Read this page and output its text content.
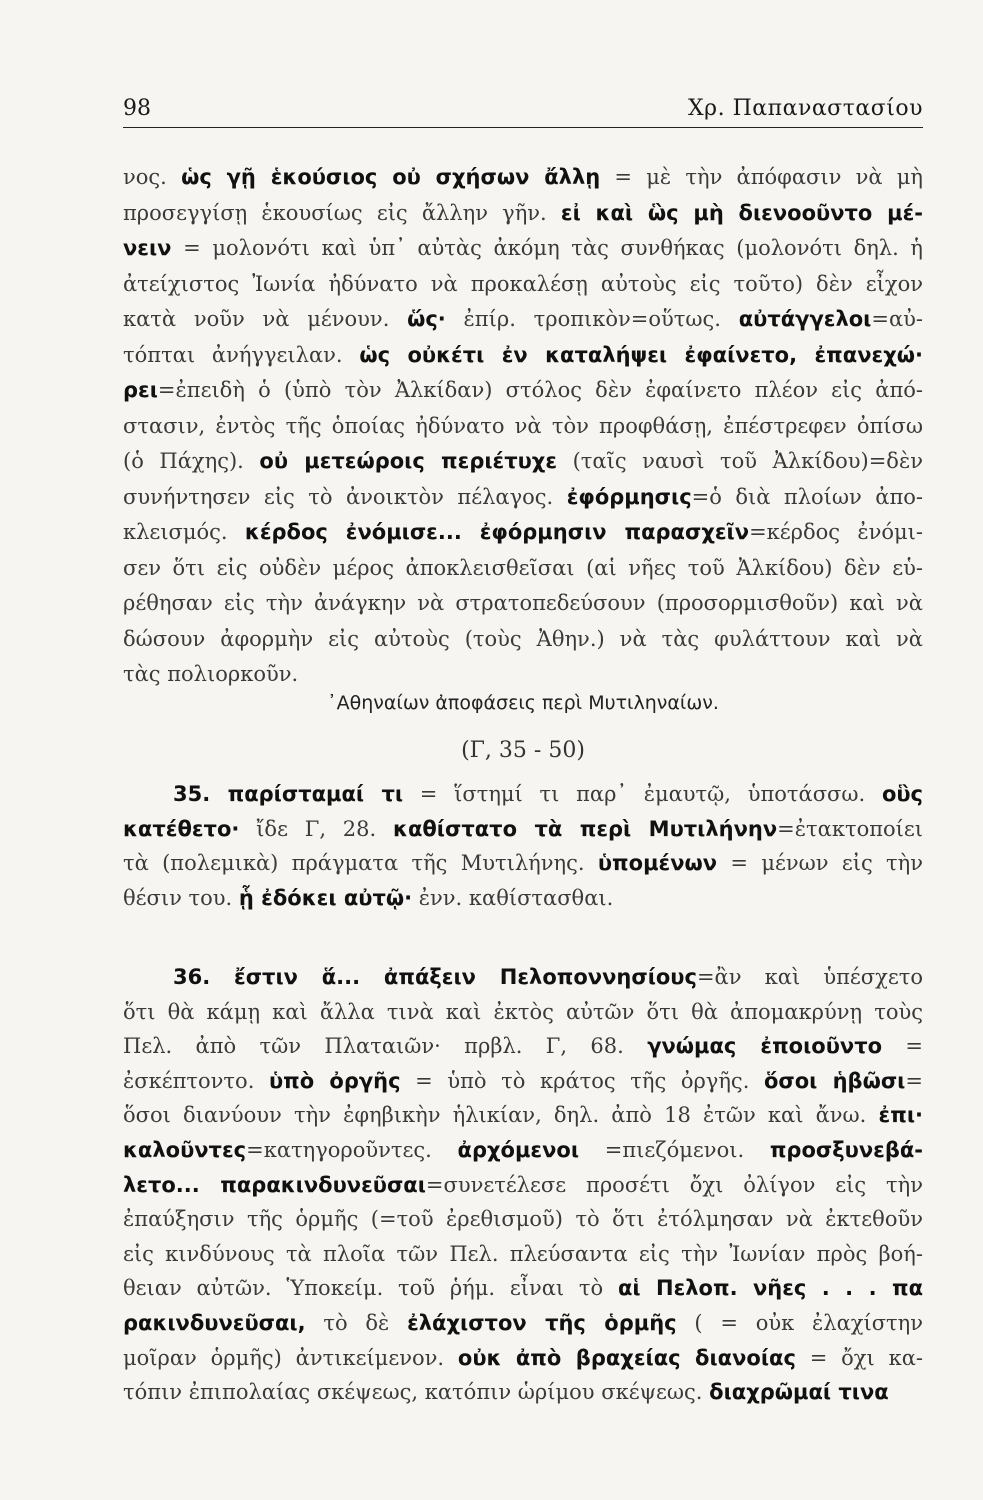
98	Χρ. Παπαναστασίου
νος. ὡς γῇ ἑκούσιος οὐ σχήσων ἄλλῃ = μὲ τὴν ἀπόφασιν νὰ μὴ
προσεγγίσῃ ἑκουσίως εἰς ἄλλην γῆν. εἰ καὶ ὣς μὴ διενοοῦντο μέ-
νειν = μολονότι καὶ ὑπ᾽ αὐτὰς ἀκόμη τὰς συνθήκας (μολονότι δηλ. ἡ
ἀτείχιστος Ἰωνία ἠδύνατο νὰ προκαλέσῃ αὐτοὺς εἰς τοῦτο) δὲν εἶχον
κατὰ νοῦν νὰ μένουν. ὥς· ἐπίρ. τροπικὸν=οὕτως. αὐτάγγελοι=αὐ-
τόπται ἀνήγγειλαν. ὡς οὐκέτι ἐν καταλήψει ἐφαίνετο, ἐπανεχώ·
ρει=ἐπειδὴ ὁ (ὑπὸ τὸν Ἀλκίδαν) στόλος δὲν ἐφαίνετο πλέον εἰς ἀπό-
στασιν, ἐντὸς τῆς ὁποίας ἠδύνατο νὰ τὸν προφθάσῃ, ἐπέστρεφεν ὀπίσω
(ὁ Πάχης). οὐ μετεώροις περιέτυχε (ταῖς ναυσὶ τοῦ Ἀλκίδου)=δὲν
συνήντησεν εἰς τὸ ἀνοικτὸν πέλαγος. ἐφόρμησις=ὁ διὰ πλοίων ἀπο-
κλεισμός. κέρδος ἐνόμισε... ἐφόρμησιν παρασχεῖν=κέρδος ἐνόμι-
σεν ὅτι εἰς οὐδὲν μέρος ἀποκλεισθεῖσαι (αἱ νῆες τοῦ Ἀλκίδου) δὲν εὑ-
ρέθησαν εἰς τὴν ἀνάγκην νὰ στρατοπεδεύσουν (προσορμισθοῦν) καὶ νὰ
δώσουν ἀφορμὴν εἰς αὐτοὺς (τοὺς Ἀθην.) νὰ τὰς φυλάττουν καὶ νὰ
τὰς πολιορκοῦν.
᾽Αθηναίων ἀποφάσεις περὶ Μυτιληναίων.
(Γ, 35 - 50)
35. παρίσταμαί τι = ἵστημί τι παρ᾽ ἐμαυτῷ, ὑποτάσσω. οὓς
κατέθετο· ἴδε Γ, 28. καθίστατο τὰ περὶ Μυτιλήνην=ἐτακτοποίει
τὰ (πολεμικὰ) πράγματα τῆς Μυτιλήνης. ὑπομένων = μένων εἰς τὴν
θέσιν του. ᾗ ἐδόκει αὐτῷ· ἐνν. καθίστασθαι.
36. ἔστιν ἅ... ἀπάξειν Πελοποννησίους=ἂν καὶ ὑπέσχετο
ὅτι θὰ κάμῃ καὶ ἄλλα τινὰ καὶ ἐκτὸς αὐτῶν ὅτι θὰ ἀπομακρύνῃ τοὺς
Πελ. ἀπὸ τῶν Πλαταιῶν· πρβλ. Γ, 68. γνώμας ἐποιοῦντο =
ἐσκέπτοντο. ὑπὸ ὀργῆς = ὑπὸ τὸ κράτος τῆς ὀργῆς. ὅσοι ἡβῶσι=
ὅσοι διανύουν τὴν ἐφηβικὴν ἡλικίαν, δηλ. ἀπὸ 18 ἐτῶν καὶ ἄνω. ἐπι·
καλοῦντες=κατηγοροῦντες. ἀρχόμενοι =πιεζόμενοι. προσξυνεβά-
λετο... παρακινδυνεῦσαι=συνετέλεσε προσέτι ὄχι ὀλίγον εἰς τὴν
ἐπαύξησιν τῆς ὁρμῆς (=τοῦ ἐρεθισμοῦ) τὸ ὅτι ἐτόλμησαν νὰ ἐκτεθοῦν
εἰς κινδύνους τὰ πλοῖα τῶν Πελ. πλεύσαντα εἰς τὴν Ἰωνίαν πρὸς βοή-
θειαν αὐτῶν. Ὑποκείμ. τοῦ ῥήμ. εἶναι τὸ αἱ Πελοπ. νῆες . . . πα
ρακινδυνεῦσαι, τὸ δὲ ἐλάχιστον τῆς ὁρμῆς ( = οὐκ ἐλαχίστην
μοῖραν ὁρμῆς) ἀντικείμενον. οὐκ ἀπὸ βραχείας διανοίας = ὄχι κα-
τόπιν ἐπιπολαίας σκέψεως, κατόπιν ὡρίμου σκέψεως. διαχρῶμαί τινα
